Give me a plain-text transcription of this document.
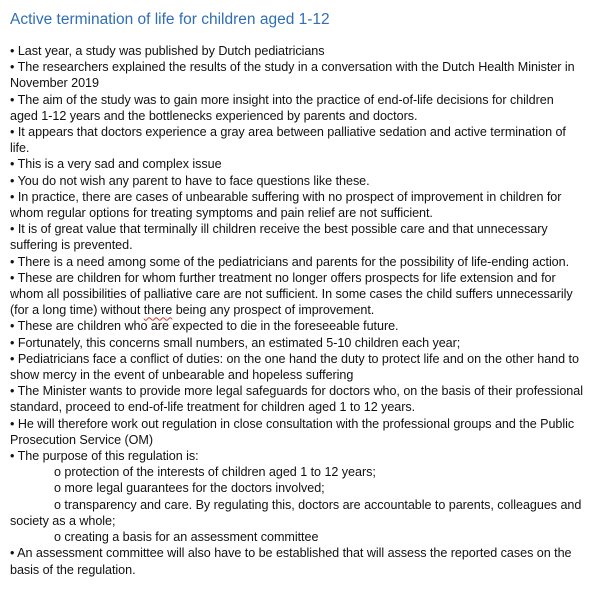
Active termination of life for children aged 1-12

• Last year, a study was published by Dutch pediatricians

• The researchers explained the results of the study in a conversation with the Dutch Health Minister in November 2019

• The aim of the study was to gain more insight into the practice of end-of-life decisions for children aged 1-12 years and the bottlenecks experienced by parents and doctors.

• It appears that doctors experience a gray area between palliative sedation and active termination of life.

• This is a very sad and complex issue

• You do not wish any parent to have to face questions like these.

• In practice, there are cases of unbearable suffering with no prospect of improvement in children for whom regular options for treating symptoms and pain relief are not sufficient.

• It is of great value that terminally ill children receive the best possible care and that unnecessary suffering is prevented.

• There is a need among some of the pediatricians and parents for the possibility of life-ending action.

• These are children for whom further treatment no longer offers prospects for life extension and for whom all possibilities of palliative care are not sufficient. In some cases the child suffers unnecessarily (for a long time) without there being any prospect of improvement.

• These are children who are expected to die in the foreseeable future.

• Fortunately, this concerns small numbers, an estimated 5-10 children each year;

• Pediatricians face a conflict of duties: on the one hand the duty to protect life and on the other hand to show mercy in the event of unbearable and hopeless suffering

• The Minister wants to provide more legal safeguards for doctors who, on the basis of their professional standard, proceed to end-of-life treatment for children aged 1 to 12 years.

• He will therefore work out regulation in close consultation with the professional groups and the Public Prosecution Service (OM)

• The purpose of this regulation is:

o protection of the interests of children aged 1 to 12 years;

o more legal guarantees for the doctors involved;

o transparency and care. By regulating this, doctors are accountable to parents, colleagues and society as a whole;

o creating a basis for an assessment committee

• An assessment committee will also have to be established that will assess the reported cases on the basis of the regulation.
